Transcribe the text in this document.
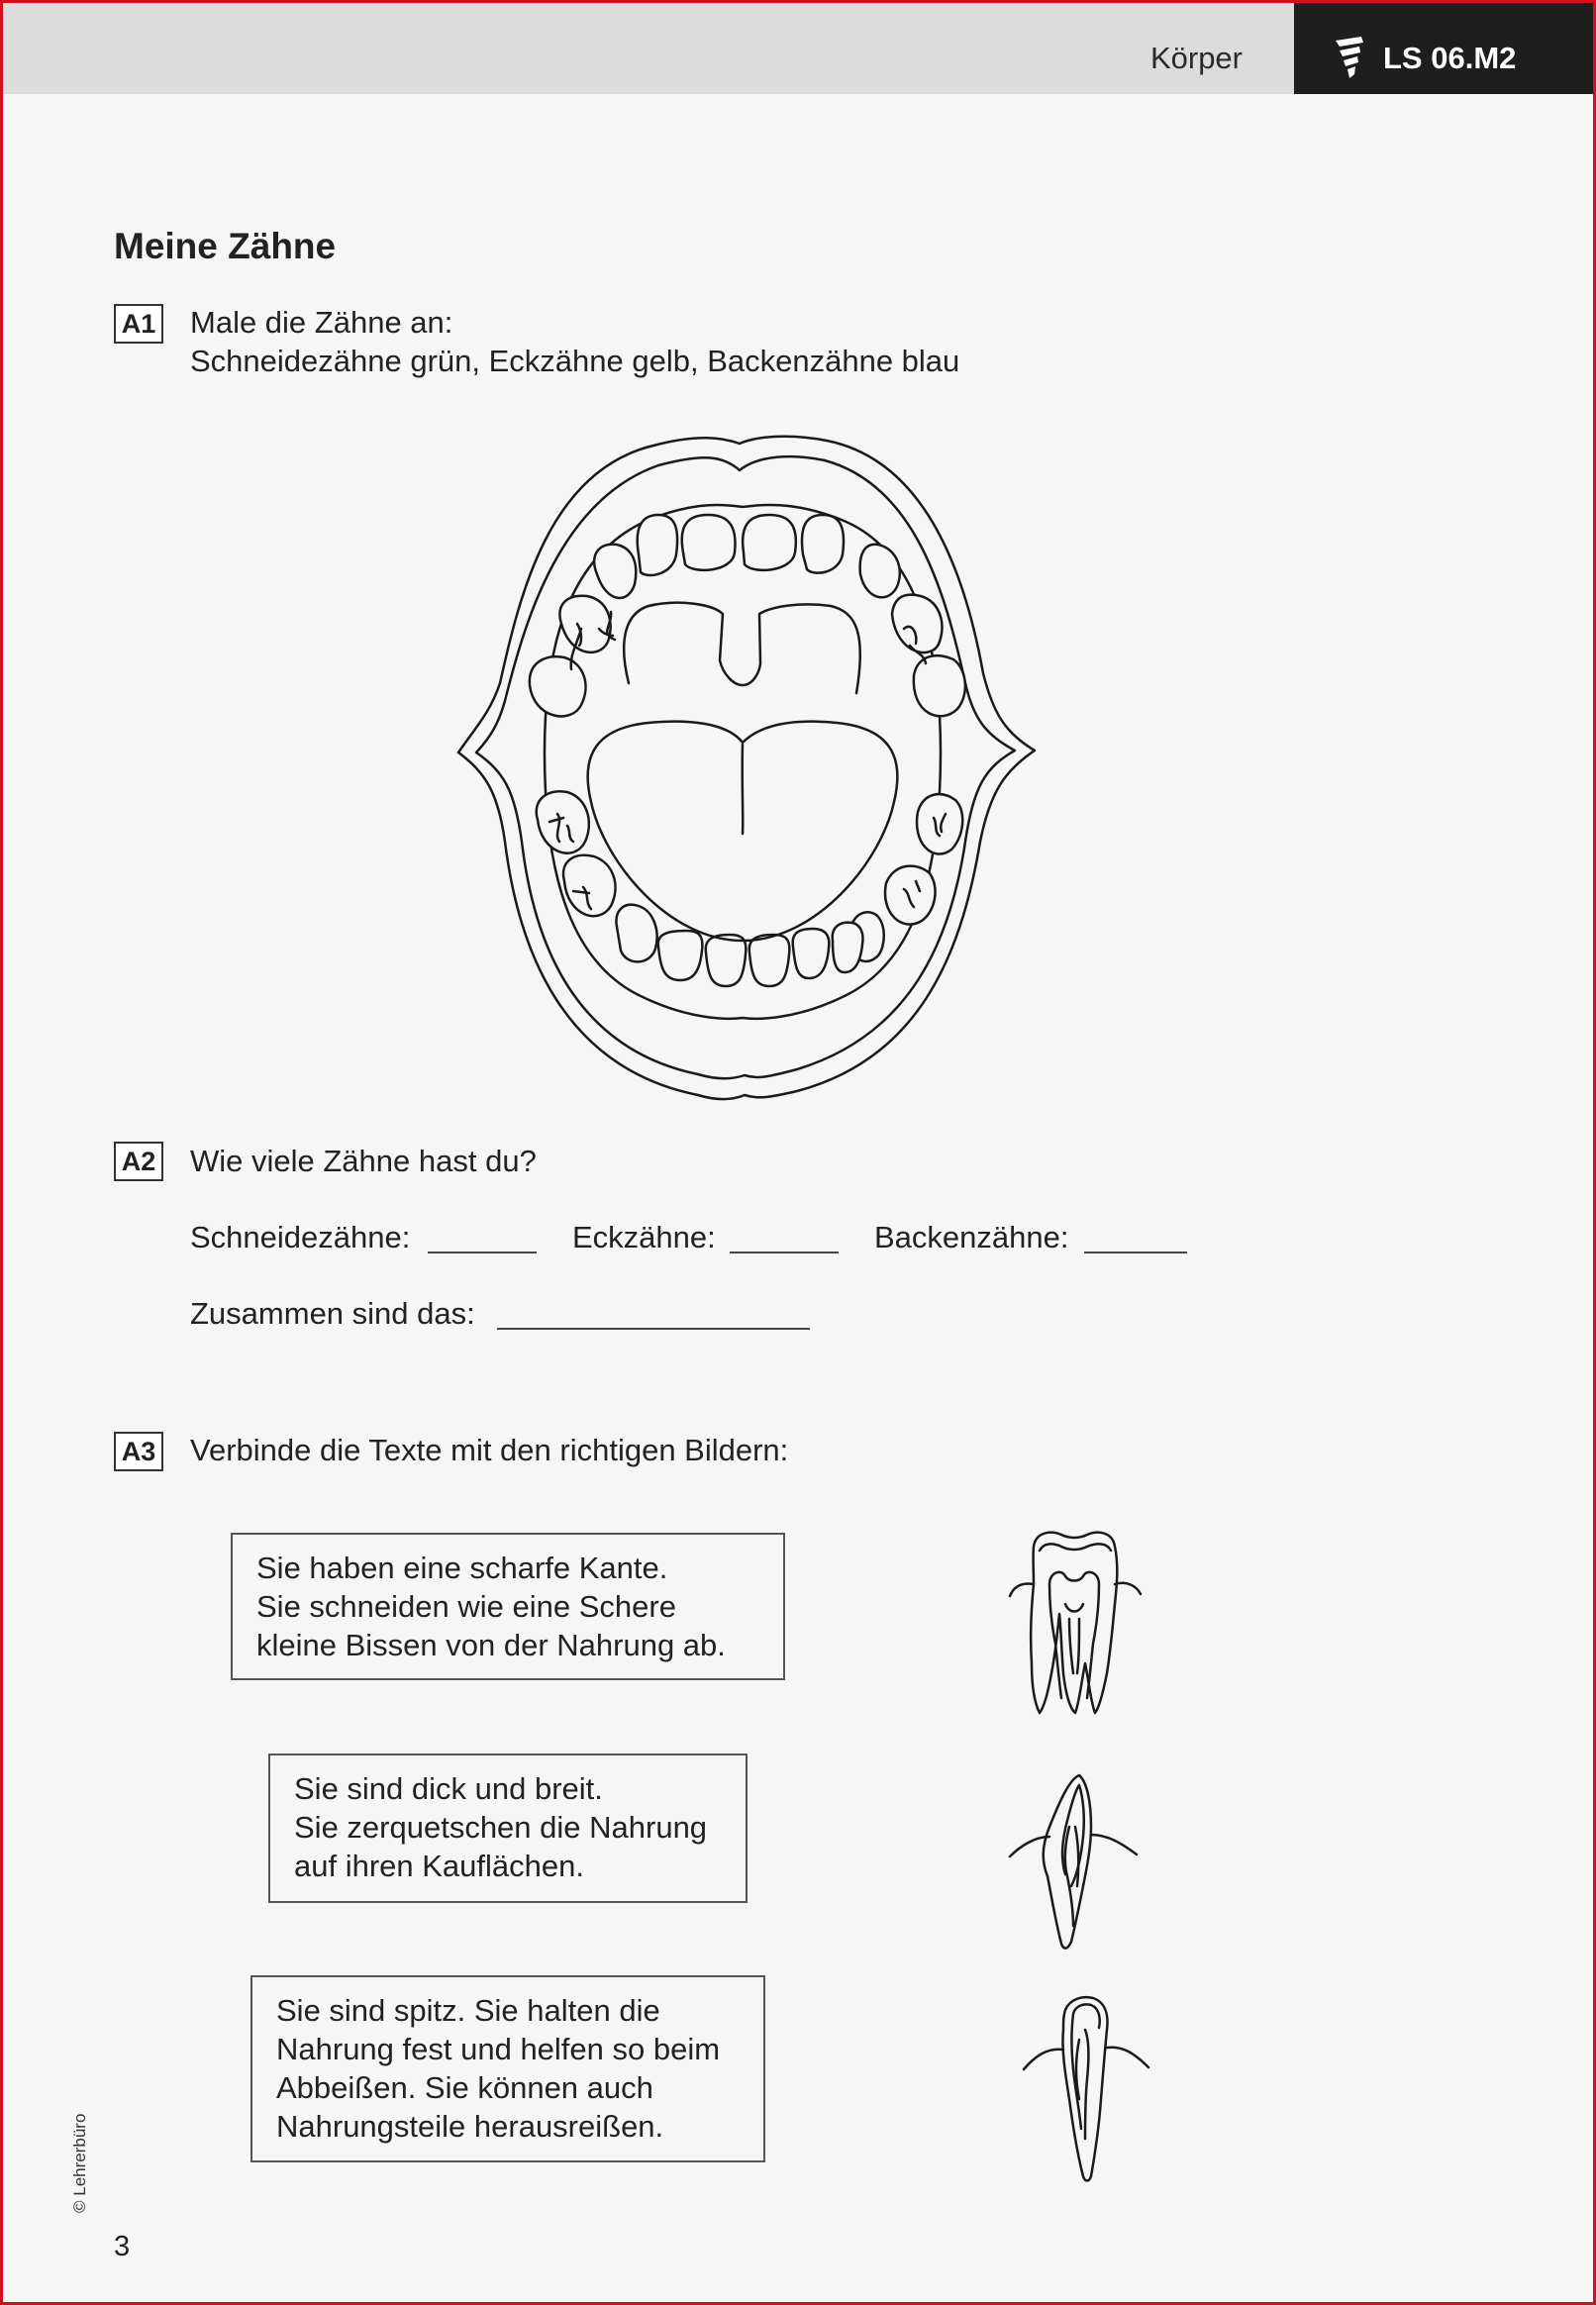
Körper	LS 06.M2
Meine Zähne
A1 Male die Zähne an:
Schneidezähne grün, Eckzähne gelb, Backenzähne blau
A2 Wie viele Zähne hast du?
Schneidezähne:	Eckzähne:	Backenzähne:
Zusammen sind das:
A3 Verbinde die Texte mit den richtigen Bildern:
Sie haben eine scharfe Kante.
Sie schneiden wie eine Schere
kleine Bissen von der Nahrung ab.
Sie sind dick und breit.
Sie zerquetschen die Nahrung
auf ihren Kauflächen.
Sie sind spitz. Sie halten die
Nahrung fest und helfen so beim
Abbeißen. Sie können auch
Nahrungsteile herausreißen.
© Lehrerbüro
3
